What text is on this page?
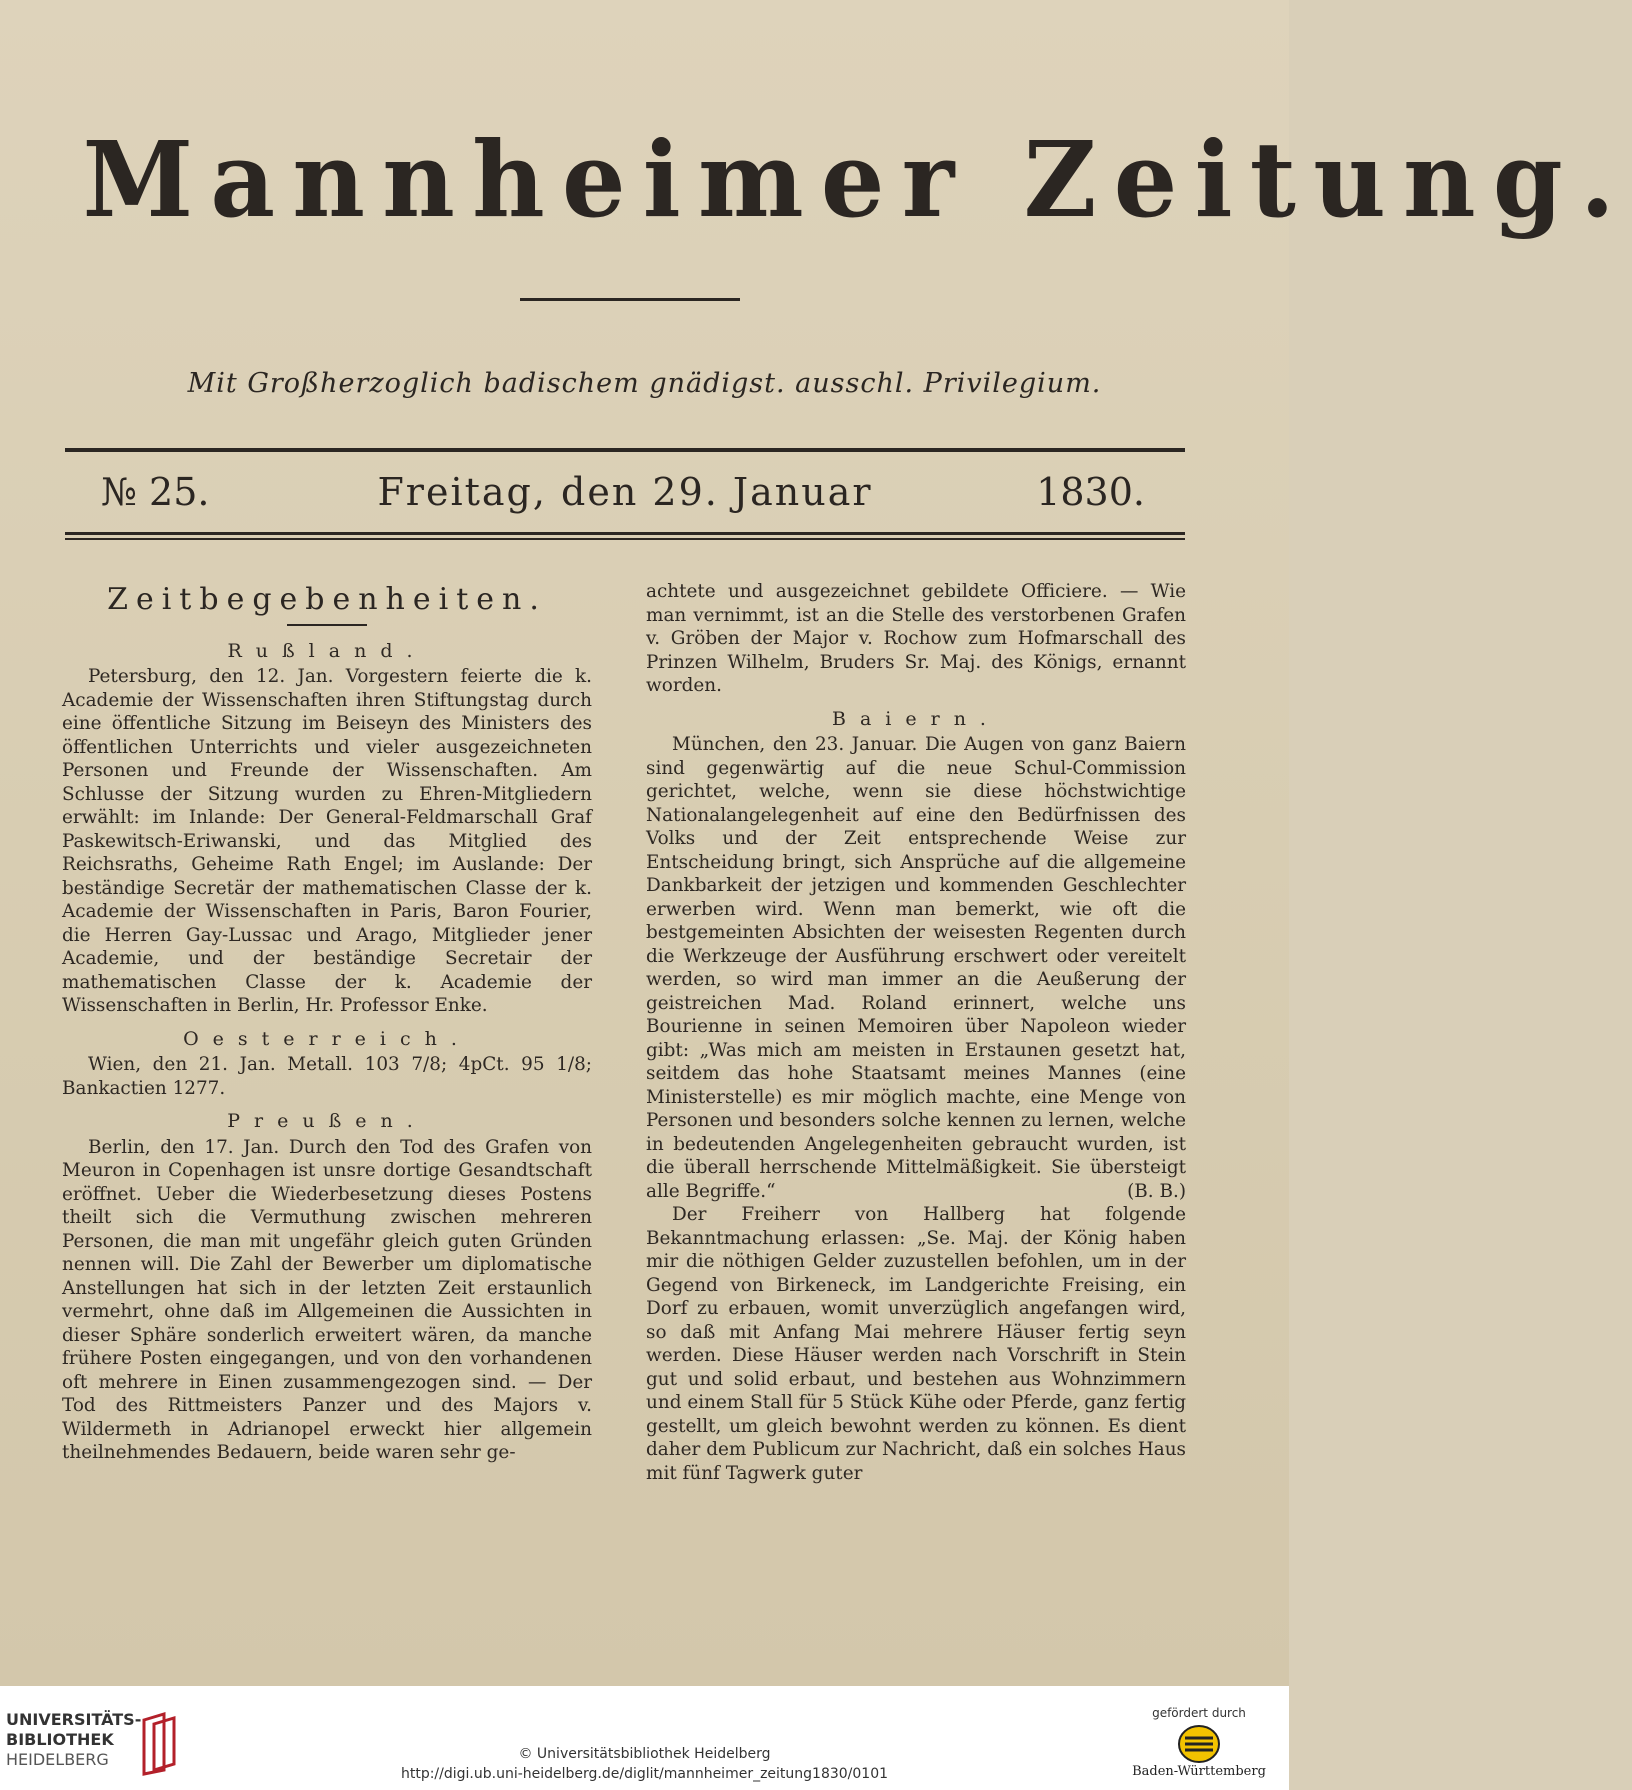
Mannheimer Zeitung.
Mit Großherzoglich badischem gnädigst. ausschl. Privilegium.
№ 25.	Freitag, den 29. Januar	1830.
Zeitbegebenheiten.
Rußland.

Petersburg, den 12. Jan. Vorgestern feierte die k. Academie der Wissenschaften ihren Stiftungstag durch eine öffentliche Sitzung im Beiseyn des Ministers des öffentlichen Unterrichts und vieler ausgezeichneten Personen und Freunde der Wissenschaften. Am Schlusse der Sitzung wurden zu Ehren-Mitgliedern erwählt: im Inlande: Der General-Feldmarschall Graf Paskewitsch-Eriwanski, und das Mitglied des Reichsraths, Geheime Rath Engel; im Auslande: Der beständige Secretär der mathematischen Classe der k. Academie der Wissenschaften in Paris, Baron Fourier, die Herren Gay-Lussac und Arago, Mitglieder jener Academie, und der beständige Secretair der mathematischen Classe der k. Academie der Wissenschaften in Berlin, Hr. Professor Enke.

Oesterreich.

Wien, den 21. Jan. Metall. 103 7/8; 4pCt. 95 1/8; Bankactien 1277.

Preußen.

Berlin, den 17. Jan. Durch den Tod des Grafen von Meuron in Copenhagen ist unsre dortige Gesandtschaft eröffnet. Ueber die Wiederbesetzung dieses Postens theilt sich die Vermuthung zwischen mehreren Personen, die man mit ungefähr gleich guten Gründen nennen will. Die Zahl der Bewerber um diplomatische Anstellungen hat sich in der letzten Zeit erstaunlich vermehrt, ohne daß im Allgemeinen die Aussichten in dieser Sphäre sonderlich erweitert wären, da manche frühere Posten eingegangen, und von den vorhandenen oft mehrere in Einen zusammengezogen sind. — Der Tod des Rittmeisters Panzer und des Majors v. Wildermeth in Adrianopel erweckt hier allgemein theilnehmendes Bedauern, beide waren sehr ge-

achtete und ausgezeichnet gebildete Officiere. — Wie man vernimmt, ist an die Stelle des verstorbenen Grafen v. Gröben der Major v. Rochow zum Hofmarschall des Prinzen Wilhelm, Bruders Sr. Maj. des Königs, ernannt worden.

Baiern.

München, den 23. Januar. Die Augen von ganz Baiern sind gegenwärtig auf die neue Schul-Commission gerichtet, welche, wenn sie diese höchstwichtige Nationalangelegenheit auf eine den Bedürfnissen des Volks und der Zeit entsprechende Weise zur Entscheidung bringt, sich Ansprüche auf die allgemeine Dankbarkeit der jetzigen und kommenden Geschlechter erwerben wird. Wenn man bemerkt, wie oft die bestgemeinten Absichten der weisesten Regenten durch die Werkzeuge der Ausführung erschwert oder vereitelt werden, so wird man immer an die Aeußerung der geistreichen Mad. Roland erinnert, welche uns Bourienne in seinen Memoiren über Napoleon wieder gibt: „Was mich am meisten in Erstaunen gesetzt hat, seitdem das hohe Staatsamt meines Mannes (eine Ministerstelle) es mir möglich machte, eine Menge von Personen und besonders solche kennen zu lernen, welche in bedeutenden Angelegenheiten gebraucht wurden, ist die überall herrschende Mittelmäßigkeit. Sie übersteigt alle Begriffe.“	(B. B.)

Der Freiherr von Hallberg hat folgende Bekanntmachung erlassen: „Se. Maj. der König haben mir die nöthigen Gelder zuzustellen befohlen, um in der Gegend von Birkeneck, im Landgerichte Freising, ein Dorf zu erbauen, womit unverzüglich angefangen wird, so daß mit Anfang Mai mehrere Häuser fertig seyn werden. Diese Häuser werden nach Vorschrift in Stein gut und solid erbaut, und bestehen aus Wohnzimmern und einem Stall für 5 Stück Kühe oder Pferde, ganz fertig gestellt, um gleich bewohnt werden zu können. Es dient daher dem Publicum zur Nachricht, daß ein solches Haus mit fünf Tagwerk guter

UNIVERSITÄTS-
BIBLIOTHEK
HEIDELBERG	© Universitätsbibliothek Heidelberg
http://digi.ub.uni-heidelberg.de/diglit/mannheimer_zeitung1830/0101
gefördert durch
Baden-Württemberg
